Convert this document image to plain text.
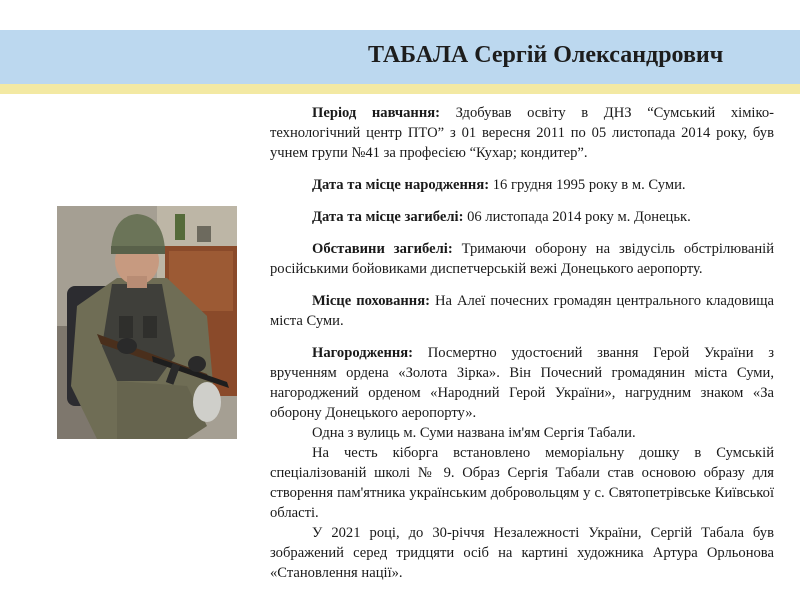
ТАБАЛА Сергій Олександрович

Період навчання: Здобував освіту в ДНЗ “Сумський хіміко-технологічний центр ПТО” з 01 вересня 2011 по 05 листопада 2014 року, був учнем групи №41 за професією “Кухар; кондитер”.

Дата та місце народження: 16 грудня 1995 року в м. Суми.

Дата та місце загибелі: 06 листопада 2014 року м. Донецьк.

Обставини загибелі: Тримаючи оборону на звідусіль обстрілюваній російськими бойовиками диспетчерській вежі Донецького аеропорту.

Місце поховання: На Алеї почесних громадян центрального кладовища міста Суми.

Нагородження: Посмертно удостоєний звання Герой України з врученням ордена «Золота Зірка». Він Почесний громадянин міста Суми, нагороджений орденом «Народний Герой України», нагрудним знаком «За оборону Донецького аеропорту».

Одна з вулиць м. Суми названа ім'ям Сергія Табали.

На честь кіборга встановлено меморіальну дошку в Сумській спеціалізованій школі № 9. Образ Сергія Табали став основою образу для створення пам'ятника українським добровольцям у с. Святопетрівське Київської області.

У 2021 році, до 30-річчя Незалежності України, Сергій Табала був зображений серед тридцяти осіб на картині художника Артура Орльонова «Становлення нації».
